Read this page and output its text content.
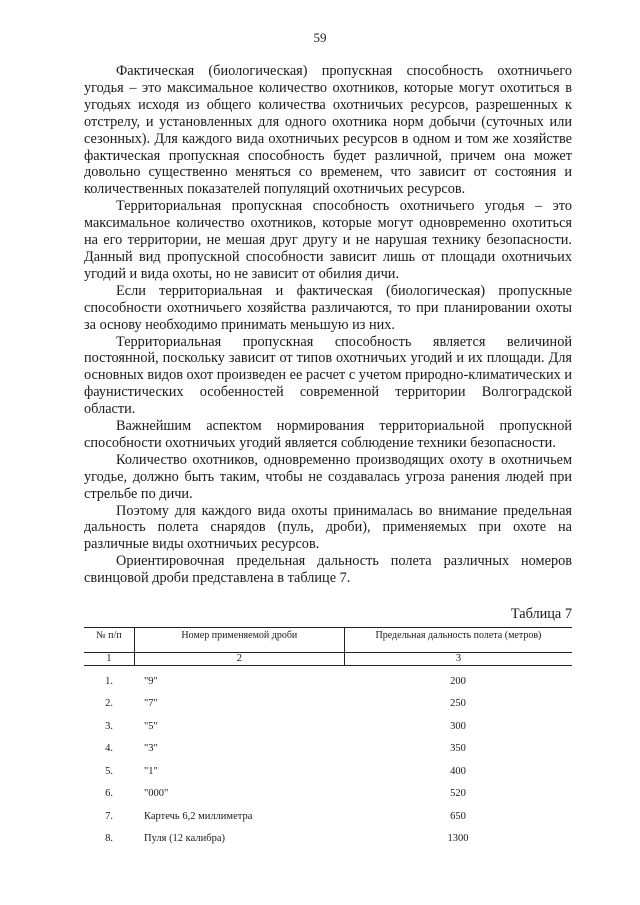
59

Фактическая (биологическая) пропускная способность охотничьего угодья – это максимальное количество охотников, которые могут охотиться в угодьях исходя из общего количества охотничьих ресурсов, разрешенных к отстрелу, и установленных для одного охотника норм добычи (суточных или сезонных). Для каждого вида охотничьих ресурсов в одном и том же хозяйстве фактическая пропускная способность будет различной, причем она может довольно существенно меняться со временем, что зависит от состояния и количественных показателей популяций охотничьих ресурсов.

Территориальная пропускная способность охотничьего угодья – это максимальное количество охотников, которые могут одновременно охотиться на его территории, не мешая друг другу и не нарушая технику безопасности. Данный вид пропускной способности зависит лишь от площади охотничьих угодий и вида охоты, но не зависит от обилия дичи.

Если территориальная и фактическая (биологическая) пропускные способности охотничьего хозяйства различаются, то при планировании охоты за основу необходимо принимать меньшую из них.

Территориальная пропускная способность является величиной постоянной, поскольку зависит от типов охотничьих угодий и их площади. Для основных видов охот произведен ее расчет с учетом природно-климатических и фаунистических особенностей современной территории Волгоградской области.

Важнейшим аспектом нормирования территориальной пропускной способности охотничьих угодий является соблюдение техники безопасности.

Количество охотников, одновременно производящих охоту в охотничьем угодье, должно быть таким, чтобы не создавалась угроза ранения людей при стрельбе по дичи.

Поэтому для каждого вида охоты принималась во внимание предельная дальность полета снарядов (пуль, дроби), применяемых при охоте на различные виды охотничьих ресурсов.

Ориентировочная предельная дальность полета различных номеров свинцовой дроби представлена в таблице 7.

Таблица 7
№ п/п	Номер применяемой дроби	Предельная дальность полета (метров)
1	2	3
1.	"9"	200
2.	"7"	250
3.	"5"	300
4.	"3"	350
5.	"1"	400
6.	"000"	520
7.	Картечь 6,2 миллиметра	650
8.	Пуля (12 калибра)	1300
